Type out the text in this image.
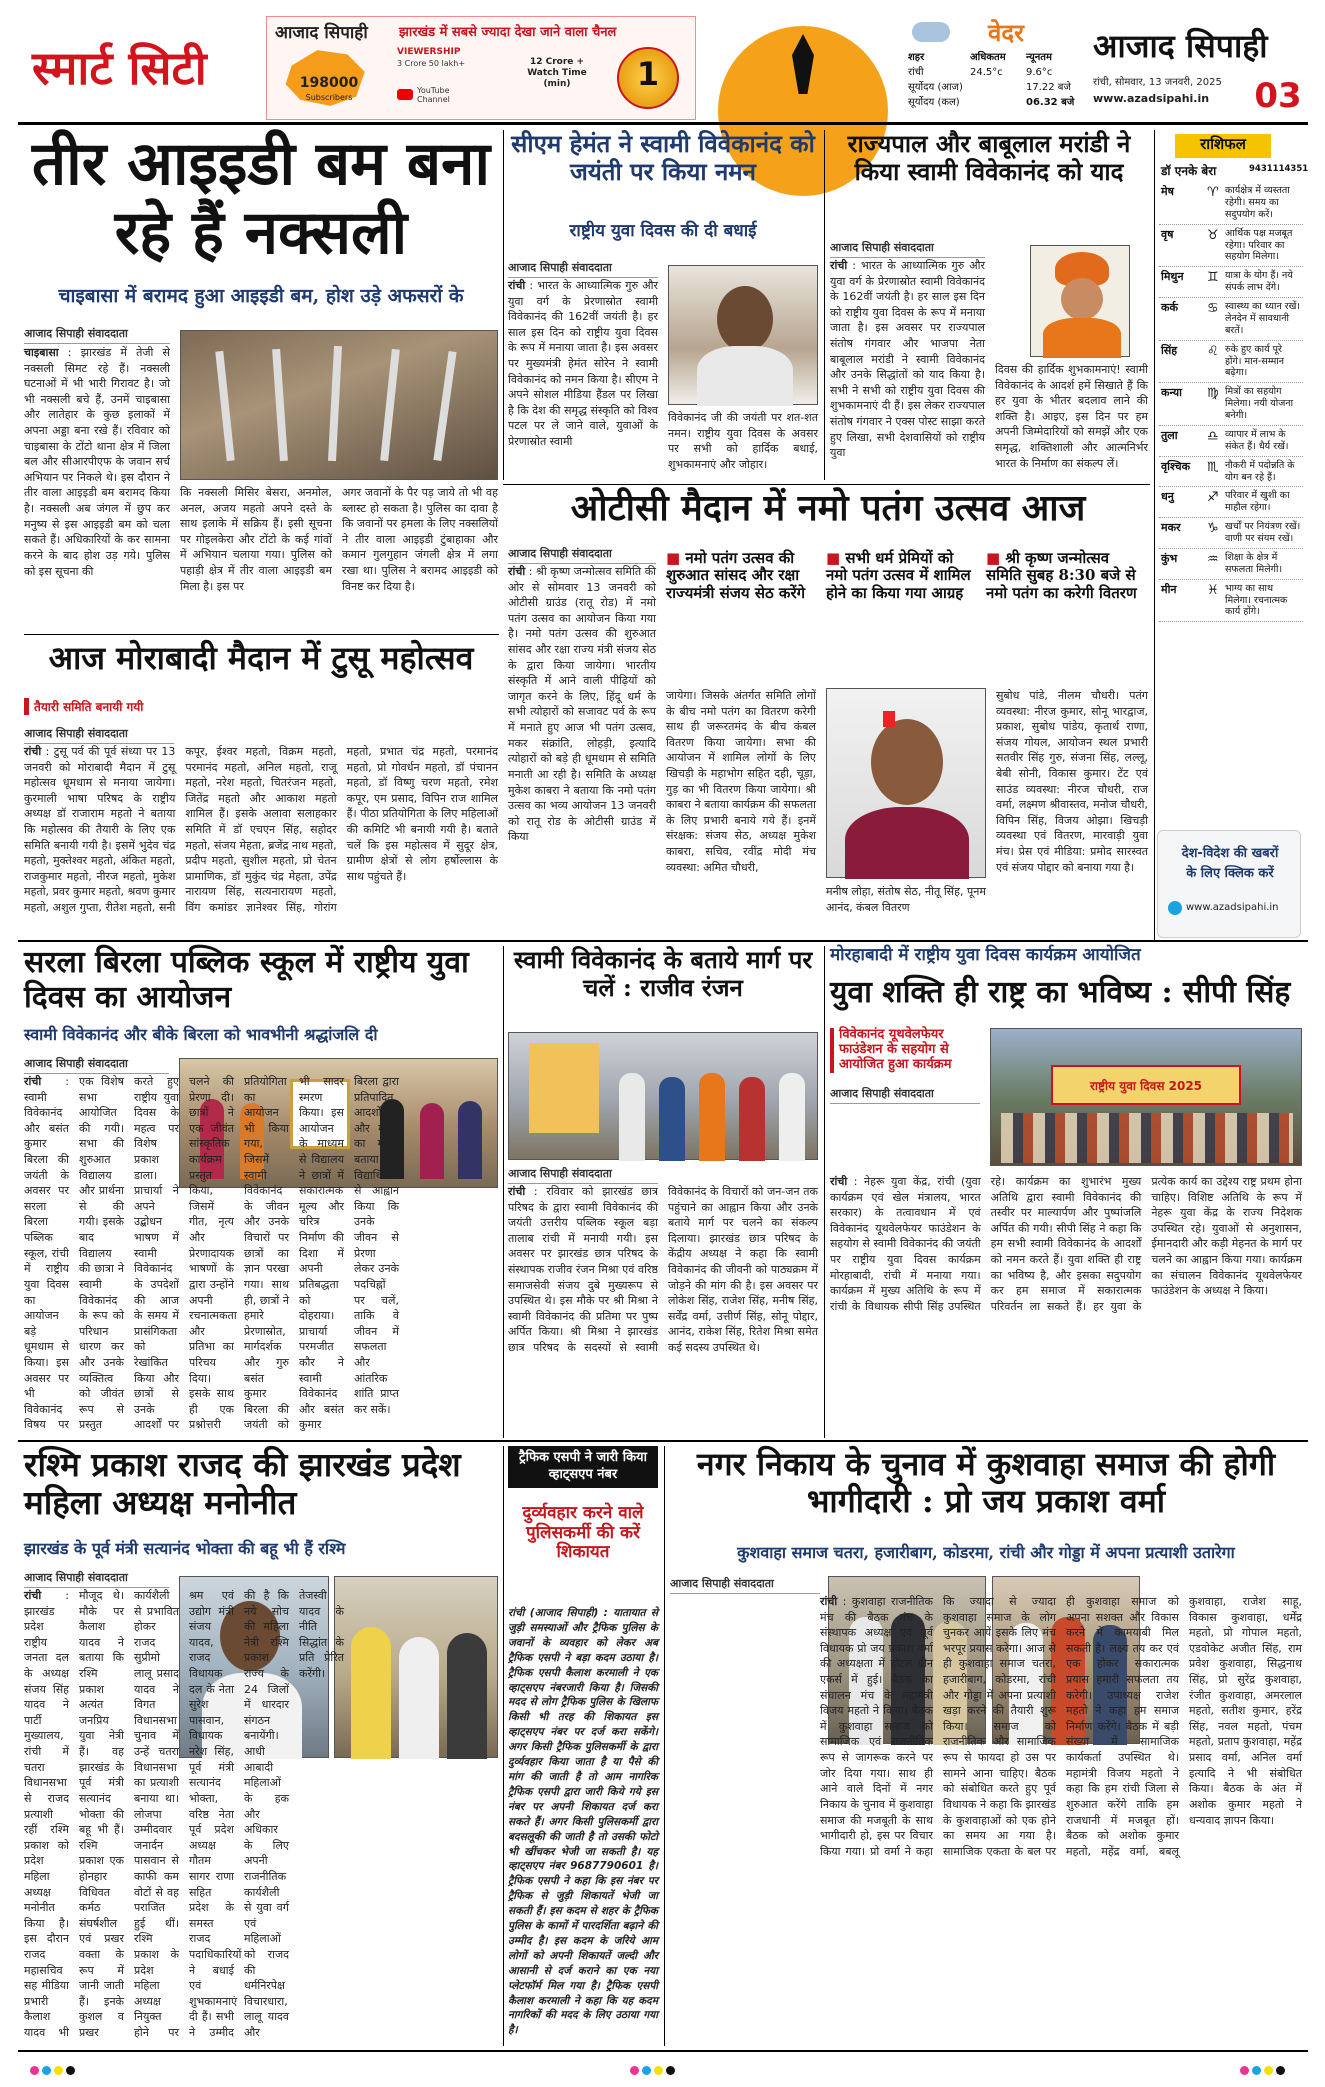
स्मार्ट सिटी
आजाद सिपाही झारखंड में सबसे ज्यादा देखा जाने वाला चैनल
198000
Subscribers
VIEWERSHIP
3 Crore 50 lakh+
YouTube Channel
12 Crore + Watch Time (min)	1
वेदर
शहर	अधिकतम	न्यूनतम
रांची	24.5°c	9.6°c
सूर्योदय (आज)	17.22 बजे
सूर्योदय (कल)	06.32 बजे
आजाद सिपाही
रांची, सोमवार, 13 जनवरी, 2025
www.azadsipahi.in	03
तीर आइइडी बम बना रहे हैं नक्सली
चाइबासा में बरामद हुआ आइइडी बम, होश उड़े अफसरों के
आजाद सिपाही संवाददाता
चाइबासा : झारखंड में तेजी से नक्सली सिमट रहे हैं। नक्सली घटनाओं में भी भारी गिरावट है। जो भी नक्सली बचे हैं, उनमें चाइबासा और लातेहार के कुछ इलाकों में अपना अड्डा बना रखे हैं। रविवार को चाइबासा के टोंटो थाना क्षेत्र में जिला बल और सीआरपीएफ के जवान सर्च अभियान पर निकले थे। इस दौरान ने तीर वाला आइइडी बम बरामद किया है। नक्सली अब जंगल में छुप कर मनुष्य से इस आइइडी बम को चला सकते हैं। अधिकारियों के कर सामना करने के बाद होश उड़ गये। पुलिस को इस सूचना की
कि नक्सली मिसिर बेसरा, अनमोल, अनल, अजय महतो अपने दस्ते के साथ इलाके में सक्रिय हैं। इसी सूचना पर गोइलकेरा और टोंटो के कई गांवों में अभियान चलाया गया। पुलिस को पहाड़ी क्षेत्र में तीर वाला आइइडी बम मिला है। इस पर
अगर जवानों के पैर पड़ जाये तो भी वह ब्लास्ट हो सकता है। पुलिस का दावा है कि जवानों पर हमला के लिए नक्सलियों ने तीर वाला आइइडी टुंबाहाका और कमान गुलगुहान जंगली क्षेत्र में लगा रखा था। पुलिस ने बरामद आइइडी को विनष्ट कर दिया है।
सीएम हेमंत ने स्वामी विवेकानंद को जयंती पर किया नमन
राष्ट्रीय युवा दिवस की दी बधाई
आजाद सिपाही संवाददाता
रांची : भारत के आध्यात्मिक गुरु और युवा वर्ग के प्रेरणास्रोत स्वामी विवेकानंद की 162वीं जयंती है। हर साल इस दिन को राष्ट्रीय युवा दिवस के रूप में मनाया जाता है। इस अवसर पर मुख्यमंत्री हेमंत सोरेन ने स्वामी विवेकानंद को नमन किया है। सीएम ने अपने सोशल मीडिया हैंडल पर लिखा है कि देश की समृद्ध संस्कृति को विश्व पटल पर ले जाने वाले, युवाओं के प्रेरणास्रोत स्वामी
विवेकानंद जी की जयंती पर शत-शत नमन। राष्ट्रीय युवा दिवस के अवसर पर सभी को हार्दिक बधाई, शुभकामनाएं और जोहार।
राज्यपाल और बाबूलाल मरांडी ने किया स्वामी विवेकानंद को याद
आजाद सिपाही संवाददाता
रांची : भारत के आध्यात्मिक गुरु और युवा वर्ग के प्रेरणास्रोत स्वामी विवेकानंद के 162वीं जयंती है। हर साल इस दिन को राष्ट्रीय युवा दिवस के रूप में मनाया जाता है। इस अवसर पर राज्यपाल संतोष गंगवार और भाजपा नेता बाबूलाल मरांडी ने स्वामी विवेकानंद और उनके सिद्धांतों को याद किया है। सभी ने सभी को राष्ट्रीय युवा दिवस की शुभकामनाएं दी हैं। इस लेकर राज्यपाल संतोष गंगवार ने एक्स पोस्ट साझा करते हुए लिखा, सभी देशवासियों को राष्ट्रीय युवा
दिवस की हार्दिक शुभकामनाएं! स्वामी विवेकानंद के आदर्श हमें सिखाते हैं कि हर युवा के भीतर बदलाव लाने की शक्ति है। आइए, इस दिन पर हम अपनी जिम्मेदारियों को समझें और एक समृद्ध, शक्तिशाली और आत्मनिर्भर भारत के निर्माण का संकल्प लें।
राशिफल
डॉ एनके बेरा	9431114351
मेष	♈ कार्यक्षेत्र में व्यस्तता रहेगी। समय का सदुपयोग करें।
वृष	♉ आर्थिक पक्ष मजबूत रहेगा। परिवार का सहयोग मिलेगा।
मिथुन	♊ यात्रा के योग हैं। नये संपर्क लाभ देंगे।
कर्क	♋ स्वास्थ्य का ध्यान रखें। लेनदेन में सावधानी बरतें।
सिंह	♌ रुके हुए कार्य पूरे होंगे। मान-सम्मान बढ़ेगा।
कन्या	♍ मित्रों का सहयोग मिलेगा। नयी योजना बनेगी।
तुला	♎ व्यापार में लाभ के संकेत हैं। धैर्य रखें।
वृश्चिक	♏ नौकरी में पदोन्नति के योग बन रहे हैं।
धनु	♐ परिवार में खुशी का माहौल रहेगा।
मकर	♑ खर्चों पर नियंत्रण रखें। वाणी पर संयम रखें।
कुंभ	♒ शिक्षा के क्षेत्र में सफलता मिलेगी।
मीन	♓ भाग्य का साथ मिलेगा। रचनात्मक कार्य होंगे।
देश-विदेश की खबरों
के लिए क्लिक करें
www.azadsipahi.in
ओटीसी मैदान में नमो पतंग उत्सव आज
आजाद सिपाही संवाददाता
रांची : श्री कृष्ण जन्मोत्सव समिति की ओर से सोमवार 13 जनवरी को ओटीसी ग्राउंड (रातू रोड) में नमो पतंग उत्सव का आयोजन किया गया है। नमो पतंग उत्सव की शुरुआत सांसद और रक्षा राज्य मंत्री संजय सेठ के द्वारा किया जायेगा। भारतीय संस्कृति में आने वाली पीढ़ियों को जागृत करने के लिए, हिंदू धर्म के सभी त्योहारों को सजावट पर्व के रूप में मनाते हुए आज भी पतंग उत्सव, मकर संक्रांति, लोहड़ी, इत्यादि त्योहारों को बड़े ही धूमधाम से समिति मनाती आ रही है। समिति के अध्यक्ष मुकेश काबरा ने बताया कि नमो पतंग उत्सव का भव्य आयोजन 13 जनवरी को रातू रोड के ओटीसी ग्राउंड में किया
■ नमो पतंग उत्सव की शुरुआत सांसद और रक्षा राज्यमंत्री संजय सेठ करेंगे
■ सभी धर्म प्रेमियों को नमो पतंग उत्सव में शामिल होने का किया गया आग्रह
■ श्री कृष्ण जन्मोत्सव समिति सुबह 8:30 बजे से नमो पतंग का करेगी वितरण
जायेगा। जिसके अंतर्गत समिति लोगों के बीच नमो पतंग का वितरण करेगी साथ ही जरूरतमंद के बीच कंबल वितरण किया जायेगा। सभा की आयोजन में शामिल लोगों के लिए खिचड़ी के महाभोग सहित दही, चूड़ा, गुड़ का भी वितरण किया जायेगा। श्री काबरा ने बताया कार्यक्रम की सफलता के लिए प्रभारी बनाये गये हैं। इनमें संरक्षक: संजय सेठ, अध्यक्ष मुकेश काबरा, सचिव, रवींद्र मोदी मंच व्यवस्था: अमित चौधरी,
मनीष लोहा, संतोष सेठ, नीतू सिंह, पूनम आनंद, कंबल वितरण
सुबोध पांडे, नीलम चौधरी। पतंग व्यवस्था: नीरज कुमार, सोनू भारद्वाज, प्रकाश, सुबोध पांडेय, कृतार्थ राणा, संजय गोयल, आयोजन स्थल प्रभारी सतवीर सिंह गुरु, संजना सिंह, लल्लू, बेबी सोनी, विकास कुमार। टेंट एवं साउंड व्यवस्था: नीरज चौधरी, राज वर्मा, लक्ष्मण श्रीवास्तव, मनोज चौधरी, विपिन सिंह, विजय ओझा। खिचड़ी व्यवस्था एवं वितरण, मारवाड़ी युवा मंच। प्रेस एवं मीडिया: प्रमोद सारस्वत एवं संजय पोद्दार को बनाया गया है।
आज मोराबादी मैदान में टुसू महोत्सव
तैयारी समिति बनायी गयी
आजाद सिपाही संवाददाता
रांची : टुसू पर्व की पूर्व संध्या पर 13 जनवरी को मोराबादी मैदान में टुसू महोत्सव धूमधाम से मनाया जायेगा। कुरमाली भाषा परिषद के राष्ट्रीय अध्यक्ष डॉ राजाराम महतो ने बताया कि महोत्सव की तैयारी के लिए एक समिति बनायी गयी है। इसमें भुदेव चंद्र महतो, मुक्तेश्वर महतो, अंकित महतो, राजकुमार महतो, नीरज महतो, मुकेश महतो, प्रवर कुमार महतो, श्रवण कुमार महतो, अशुल गुप्ता, रीतेश महतो, सनी कपूर, ईश्वर महतो, विक्रम महतो, परमानंद महतो, अनिल महतो, राजू महतो, नरेश महतो, चितरंजन महतो, जितेंद्र महतो और आकाश महतो शामिल हैं। इसके अलावा सलाहकार समिति में डॉ एचएन सिंह, सहोदर महतो, संजय मेहता, ब्रजेंद्र नाथ महतो, प्रदीप महतो, सुशील महतो, प्रो चेतन प्रामाणिक, डॉ मुकुंद चंद्र मेहता, उपेंद्र नारायण सिंह, सत्यनारायण महतो, विंग कमांडर ज्ञानेश्वर सिंह, गोरांग महतो, प्रभात चंद्र महतो, परमानंद महतो, प्रो गोवर्धन महतो, डॉ पंचानन महतो, डॉ विष्णु चरण महतो, रमेश कपूर, एम प्रसाद, विपिन राज शामिल हैं। पीठा प्रतियोगिता के लिए महिलाओं की कमिटि भी बनायी गयी है। बताते चलें कि इस महोत्सव में सुदूर क्षेत्र, ग्रामीण क्षेत्रों से लोग हर्षोल्लास के साथ पहुंचते हैं।
सरला बिरला पब्लिक स्कूल में राष्ट्रीय युवा दिवस का आयोजन
स्वामी विवेकानंद और बीके बिरला को भावभीनी श्रद्धांजलि दी
आजाद सिपाही संवाददाता
रांची : स्वामी विवेकानंद और बसंत कुमार बिरला की जयंती के अवसर पर सरला बिरला पब्लिक स्कूल, रांची में राष्ट्रीय युवा दिवस का आयोजन बड़े धूमधाम से किया। इस अवसर पर भी विवेकानंद विषय पर एक विशेष सभा आयोजित की गयी। सभा की शुरुआत विद्यालय और प्रार्थना से की गयी। इसके बाद विद्यालय की छात्रा ने स्वामी विवेकानंद के रूप को परिधान धारण कर और उनके व्यक्तित्व को जीवंत रूप से प्रस्तुत करते हुए राष्ट्रीय युवा दिवस के महत्व पर विशेष प्रकाश डाला। प्राचार्या ने अपने उद्बोधन भाषण में स्वामी विवेकानंद के उपदेशों की आज के समय में प्रासंगिकता को रेखांकित किया और छात्रों से उनके आदर्शों पर चलने की प्रेरणा दी। छात्रों ने एक जीवंत सांस्कृतिक कार्यक्रम प्रस्तुत किया, जिसमें गीत, नृत्य और प्रेरणादायक भाषणों के द्वारा उन्होंने अपनी रचनात्मकता और प्रतिभा का परिचय दिया। इसके साथ ही एक प्रश्नोत्तरी प्रतियोगिता का आयोजन भी किया गया, जिसमें स्वामी विवेकानंद के जीवन और उनके विचारों पर छात्रों का ज्ञान परखा गया। साथ ही, छात्रों ने हमारे प्रेरणास्रोत, मार्गदर्शक और गुरु बसंत कुमार बिरला की जयंती को भी सादर स्मरण किया। इस आयोजन के माध्यम से विद्यालय ने छात्रों में सकारात्मक मूल्य और चरित्र निर्माण की दिशा में अपनी प्रतिबद्धता को दोहराया। प्राचार्या परमजीत कौर ने स्वामी विवेकानंद और बसंत कुमार बिरला द्वारा प्रतिपादित आदर्शों और मूल्यों का महत्व बताया और विद्यार्थियों से आह्वान किया कि उनके जीवन से प्रेरणा लेकर उनके पदचिह्नों पर चलें, ताकि वे जीवन में सफलता और आंतरिक शांति प्राप्त कर सकें।
स्वामी विवेकानंद के बताये मार्ग पर चलें : राजीव रंजन
आजाद सिपाही संवाददाता
रांची : रविवार को झारखंड छात्र परिषद के द्वारा स्वामी विवेकानंद की जयंती उत्तरीय पब्लिक स्कूल बड़ा तालाब रांची में मनायी गयी। इस अवसर पर झारखंड छात्र परिषद के संस्थापक राजीव रंजन मिश्रा एवं वरिष्ठ समाजसेवी संजय दुबे मुख्यरूप से उपस्थित थे। इस मौके पर श्री मिश्रा ने स्वामी विवेकानंद की प्रतिमा पर पुष्प अर्पित किया। श्री मिश्रा ने झारखंड छात्र परिषद के सदस्यों से स्वामी विवेकानंद के विचारों को जन-जन तक पहुंचाने का आह्वान किया और उनके बताये मार्ग पर चलने का संकल्प दिलाया। झारखंड छात्र परिषद के केंद्रीय अध्यक्ष ने कहा कि स्वामी विवेकानंद की जीवनी को पाठ्यक्रम में जोड़ने की मांग की है। इस अवसर पर लोकेश सिंह, राजेश सिंह, मनीष सिंह, सर्वेंद्र वर्मा, उत्तीर्ण सिंह, सोनू पोद्दार, आनंद, राकेश सिंह, रितेश मिश्रा समेत कई सदस्य उपस्थित थे।
मोरहाबादी में राष्ट्रीय युवा दिवस कार्यक्रम आयोजित
युवा शक्ति ही राष्ट्र का भविष्य : सीपी सिंह
विवेकानंद यूथवेलफेयर फाउंडेशन के सहयोग से आयोजित हुआ कार्यक्रम
आजाद सिपाही संवाददाता
राष्ट्रीय युवा दिवस 2025
रांची : नेहरू युवा केंद्र, रांची (युवा कार्यक्रम एवं खेल मंत्रालय, भारत सरकार) के तत्वावधान में एवं विवेकानंद यूथवेलफेयर फाउंडेशन के सहयोग से स्वामी विवेकानंद की जयंती पर राष्ट्रीय युवा दिवस कार्यक्रम मोरहाबादी, रांची में मनाया गया। कार्यक्रम में मुख्य अतिथि के रूप में रांची के विधायक सीपी सिंह उपस्थित रहे। कार्यक्रम का शुभारंभ मुख्य अतिथि द्वारा स्वामी विवेकानंद की तस्वीर पर माल्यार्पण और पुष्पांजलि अर्पित की गयी। सीपी सिंह ने कहा कि हम सभी स्वामी विवेकानंद के आदर्शों को नमन करते हैं। युवा शक्ति ही राष्ट्र का भविष्य है, और इसका सदुपयोग कर हम समाज में सकारात्मक परिवर्तन ला सकते हैं। हर युवा के प्रत्येक कार्य का उद्देश्य राष्ट्र प्रथम होना चाहिए। विशिष्ट अतिथि के रूप में नेहरू युवा केंद्र के राज्य निदेशक उपस्थित रहे। युवाओं से अनुशासन, ईमानदारी और कड़ी मेहनत के मार्ग पर चलने का आह्वान किया गया। कार्यक्रम का संचालन विवेकानंद यूथवेलफेयर फाउंडेशन के अध्यक्ष ने किया।
रश्मि प्रकाश राजद की झारखंड प्रदेश महिला अध्यक्ष मनोनीत
झारखंड के पूर्व मंत्री सत्यानंद भोक्ता की बहू भी हैं रश्मि
आजाद सिपाही संवाददाता
रांची : झारखंड प्रदेश राष्ट्रीय जनता दल के अध्यक्ष संजय सिंह यादव ने पार्टी मुख्यालय, रांची में चतरा विधानसभा से राजद प्रत्याशी रहीं रश्मि प्रकाश को प्रदेश महिला अध्यक्ष मनोनीत किया है। इस दौरान राजद महासचिव सह मीडिया प्रभारी कैलाश यादव भी मौजूद थे। मौके पर कैलाश यादव ने बताया कि रश्मि प्रकाश अत्यंत जनप्रिय युवा नेत्री हैं। वह झारखंड के पूर्व मंत्री सत्यानंद भोक्ता की बहू भी हैं। रश्मि प्रकाश एक होनहार विधिवत कर्मठ संघर्षशील एवं प्रखर वक्ता के रूप में जानी जाती हैं। इनके कुशल व प्रखर कार्यशैली से प्रभावित होकर राजद सुप्रीमो लालू प्रसाद यादव ने विगत विधानसभा चुनाव में उन्हें चतरा विधानसभा का प्रत्याशी बनाया था। लोजपा उम्मीदवार जनार्दन पासवान से काफी कम वोटों से वह पराजित हुई थीं। रश्मि प्रकाश के प्रदेश महिला अध्यक्ष नियुक्त होने पर श्रम एवं उद्योग मंत्री संजय यादव, राजद विधायक दल के नेता सुरेश पासवान, विधायक नरेश सिंह, पूर्व मंत्री सत्यानंद भोक्ता, वरिष्ठ नेता पूर्व प्रदेश अध्यक्ष गौतम सागर राणा सहित प्रदेश के समस्त राजद पदाधिकारियों ने बधाई एवं शुभकामनाएं दी हैं। सभी ने उम्मीद की है कि नये सोच की महिला नेत्री रश्मि प्रकाश राज्य के 24 जिलों में धारदार संगठन बनायेंगी। आधी आबादी महिलाओं के हक और अधिकार के लिए अपनी राजनीतिक कार्यशैली से युवा वर्ग एवं महिलाओं को राजद की धर्मनिरपेक्ष विचारधारा, लालू यादव और तेजस्वी यादव के नीति सिद्धांत के प्रति प्रेरित करेंगी।
ट्रैफिक एसपी ने जारी किया व्हाट्सएप नंबर
दुर्व्यवहार करने वाले पुलिसकर्मी की करें शिकायत
रांची (आजाद सिपाही) : यातायात से जुड़ी समस्याओं और ट्रैफिक पुलिस के जवानों के व्यवहार को लेकर अब ट्रैफिक एसपी ने बड़ा कदम उठाया है। ट्रैफिक एसपी कैलाश करमाली ने एक व्हाट्सएप नंबरजारी किया है। जिसकी मदद से लोग ट्रैफिक पुलिस के खिलाफ किसी भी तरह की शिकायत इस व्हाट्सएप नंबर पर दर्ज करा सकेंगे। अगर किसी ट्रैफिक पुलिसकर्मी के द्वारा दुर्व्यवहार किया जाता है या पैसे की मांग की जाती है तो आम नागरिक ट्रैफिक एसपी द्वारा जारी किये गये इस नंबर पर अपनी शिकायत दर्ज करा सकते हैं। अगर किसी पुलिसकर्मी द्वारा बदसलूकी की जाती है तो उसकी फोटो भी खींचकर भेजी जा सकती है। यह व्हाट्सएप नंबर 9687790601 है। ट्रैफिक एसपी ने कहा कि इस नंबर पर ट्रैफिक से जुड़ी शिकायतें भेजी जा सकती हैं। इस कदम से शहर के ट्रैफिक पुलिस के कामों में पारदर्शिता बढ़ाने की उम्मीद है। इस कदम के जरिये आम लोगों को अपनी शिकायतें जल्दी और आसानी से दर्ज कराने का एक नया प्लेटफॉर्म मिल गया है। ट्रैफिक एसपी कैलाश करमाली ने कहा कि यह कदम नागरिकों की मदद के लिए उठाया गया है।
नगर निकाय के चुनाव में कुशवाहा समाज की होगी भागीदारी : प्रो जय प्रकाश वर्मा
कुशवाहा समाज चतरा, हजारीबाग, कोडरमा, रांची और गोड्डा में अपना प्रत्याशी उतारेगा
आजाद सिपाही संवाददाता
रांची : कुशवाहा राजनीतिक मंच की बैठक मंच के संस्थापक अध्यक्ष एवं पूर्व विधायक प्रो जय प्रकाश वर्मा की अध्यक्षता में होटल ग्रीन एकर्स में हुई। बैठक का संचालन मंच के महामंत्री विजय महतो ने किया। बैठक में कुशवाहा समाज को सामाजिक एवं राजनीतिक रूप से जागरूक करने पर जोर दिया गया। साथ ही आने वाले दिनों में नगर निकाय के चुनाव में कुशवाहा समाज की मजबूती के साथ भागीदारी हो, इस पर विचार किया गया। प्रो वर्मा ने कहा कि ज्यादा से ज्यादा कुशवाहा समाज के लोग चुनकर आयें इसके लिए मंच भरपूर प्रयास करेगा। आज से ही कुशवाहा समाज चतरा, हजारीबाग, कोडरमा, रांची और गोड्डा में अपना प्रत्याशी खड़ा करने की तैयारी शुरू किया। समाज को राजनीतिक और सामाजिक रूप से फायदा हो उस पर सामने आना चाहिए। बैठक को संबोधित करते हुए पूर्व विधायक ने कहा कि झारखंड के कुशवाहाओं को एक होने का समय आ गया है। सामाजिक एकता के बल पर ही कुशवाहा समाज को अपना सशक्त और विकास करने में कामयाबी मिल सकती है। लक्ष्य तय कर एवं एक होकर सकारात्मक प्रयास हमारी सफलता तय करेगी। उपाध्यक्ष राजेश महतो ने कहा हम समाज निर्माण करेंगे। बैठक में बड़ी संख्या में सामाजिक कार्यकर्ता उपस्थित थे। महामंत्री विजय महतो ने कहा कि हम रांची जिला से शुरुआत करेंगे ताकि हम राजधानी में मजबूत हों। बैठक को अशोक कुमार महतो, महेंद्र वर्मा, बबलू कुशवाहा, राजेश साहू, विकास कुशवाहा, धर्मेंद्र महतो, प्रो गोपाल महतो, एडवोकेट अजीत सिंह, राम प्रवेश कुशवाहा, सिद्धनाथ सिंह, प्रो सुरेंद्र कुशवाहा, रंजीत कुशवाहा, अमरलाल महतो, सतीश कुमार, हरेंद्र सिंह, नवल महतो, पंचम महतो, प्रताप कुशवाहा, महेंद्र प्रसाद वर्मा, अनिल वर्मा इत्यादि ने भी संबोधित किया। बैठक के अंत में अशोक कुमार महतो ने धन्यवाद ज्ञापन किया।
